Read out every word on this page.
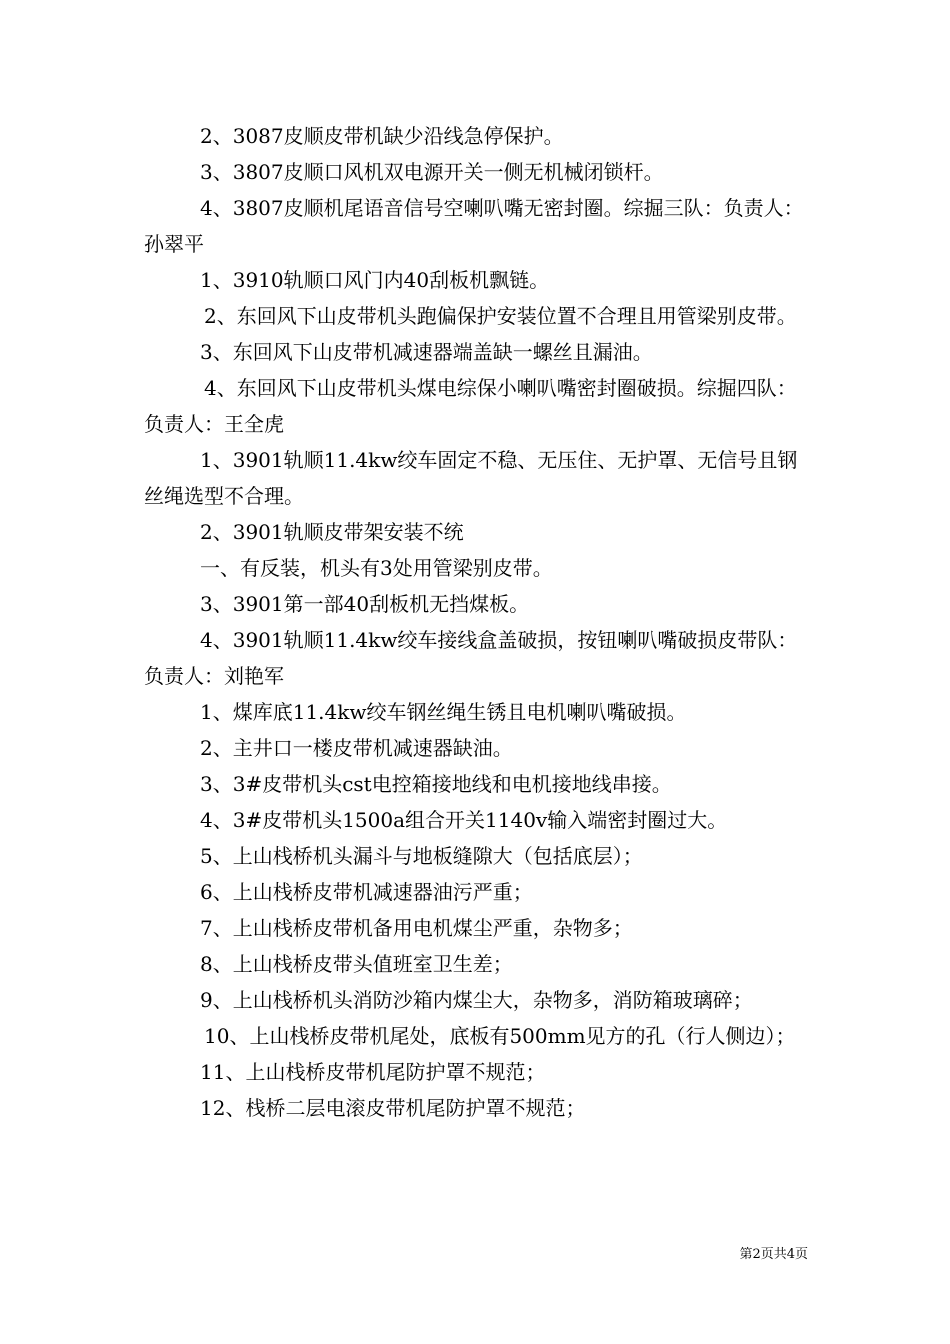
2、3087皮顺皮带机缺少沿线急停保护。

3、3807皮顺口风机双电源开关一侧无机械闭锁杆。

4、3807皮顺机尾语音信号空喇叭嘴无密封圈。综掘三队：负责人：孙翠平

1、3910轨顺口风门内40刮板机飘链。

2、东回风下山皮带机头跑偏保护安装位置不合理且用管梁别皮带。

3、东回风下山皮带机减速器端盖缺一螺丝且漏油。

4、东回风下山皮带机头煤电综保小喇叭嘴密封圈破损。综掘四队：负责人：王全虎

1、3901轨顺11.4kw绞车固定不稳、无压住、无护罩、无信号且钢丝绳选型不合理。

2、3901轨顺皮带架安装不统

一、有反装，机头有3处用管梁别皮带。

3、3901第一部40刮板机无挡煤板。

4、3901轨顺11.4kw绞车接线盒盖破损，按钮喇叭嘴破损皮带队：负责人：刘艳军

1、煤库底11.4kw绞车钢丝绳生锈且电机喇叭嘴破损。

2、主井口一楼皮带机减速器缺油。

3、3#皮带机头cst电控箱接地线和电机接地线串接。

4、3#皮带机头1500a组合开关1140v输入端密封圈过大。

5、上山栈桥机头漏斗与地板缝隙大（包括底层）；

6、上山栈桥皮带机减速器油污严重；

7、上山栈桥皮带机备用电机煤尘严重，杂物多；

8、上山栈桥皮带头值班室卫生差；

9、上山栈桥机头消防沙箱内煤尘大，杂物多，消防箱玻璃碎；

10、上山栈桥皮带机尾处，底板有500mm见方的孔（行人侧边）；

11、上山栈桥皮带机尾防护罩不规范；

12、栈桥二层电滚皮带机尾防护罩不规范；

第2页共4页
